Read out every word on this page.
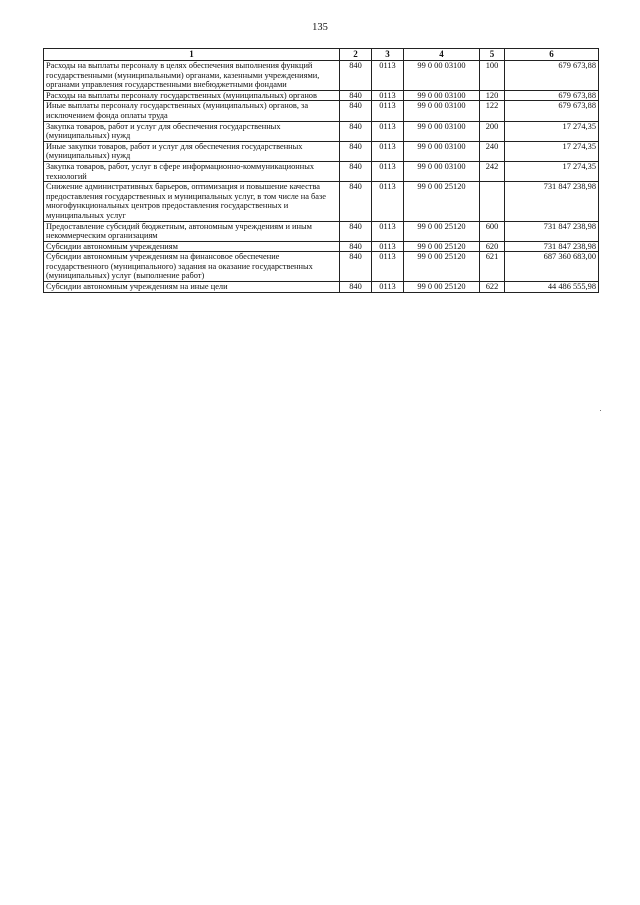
135
1	2	3	4	5	6
Расходы на выплаты персоналу в целях обеспечения выполнения функций государственными (муниципальными) органами, казенными учреждениями, органами управления государственными внебюджетными фондами	840	0113	99 0 00 03100	100	679 673,88
Расходы на выплаты персоналу государственных (муниципальных) органов	840	0113	99 0 00 03100	120	679 673,88
Иные выплаты персоналу государственных (муниципальных) органов, за исключением фонда оплаты труда	840	0113	99 0 00 03100	122	679 673,88
Закупка товаров, работ и услуг для обеспечения государственных (муниципальных) нужд	840	0113	99 0 00 03100	200	17 274,35
Иные закупки товаров, работ и услуг для обеспечения государственных (муниципальных) нужд	840	0113	99 0 00 03100	240	17 274,35
Закупка товаров, работ, услуг в сфере информационно-коммуникационных технологий	840	0113	99 0 00 03100	242	17 274,35
Снижение административных барьеров, оптимизация и повышение качества предоставления государственных и муниципальных услуг, в том числе на базе многофункциональных центров предоставления государственных и муниципальных услуг	840	0113	99 0 00 25120		731 847 238,98
Предоставление субсидий бюджетным, автономным учреждениям и иным некоммерческим организациям	840	0113	99 0 00 25120	600	731 847 238,98
Субсидии автономным учреждениям	840	0113	99 0 00 25120	620	731 847 238,98
Субсидии автономным учреждениям на финансовое обеспечение государственного (муниципального) задания на оказание государственных (муниципальных) услуг (выполнение работ)	840	0113	99 0 00 25120	621	687 360 683,00
Субсидии автономным учреждениям на иные цели	840	0113	99 0 00 25120	622	44 486 555,98
